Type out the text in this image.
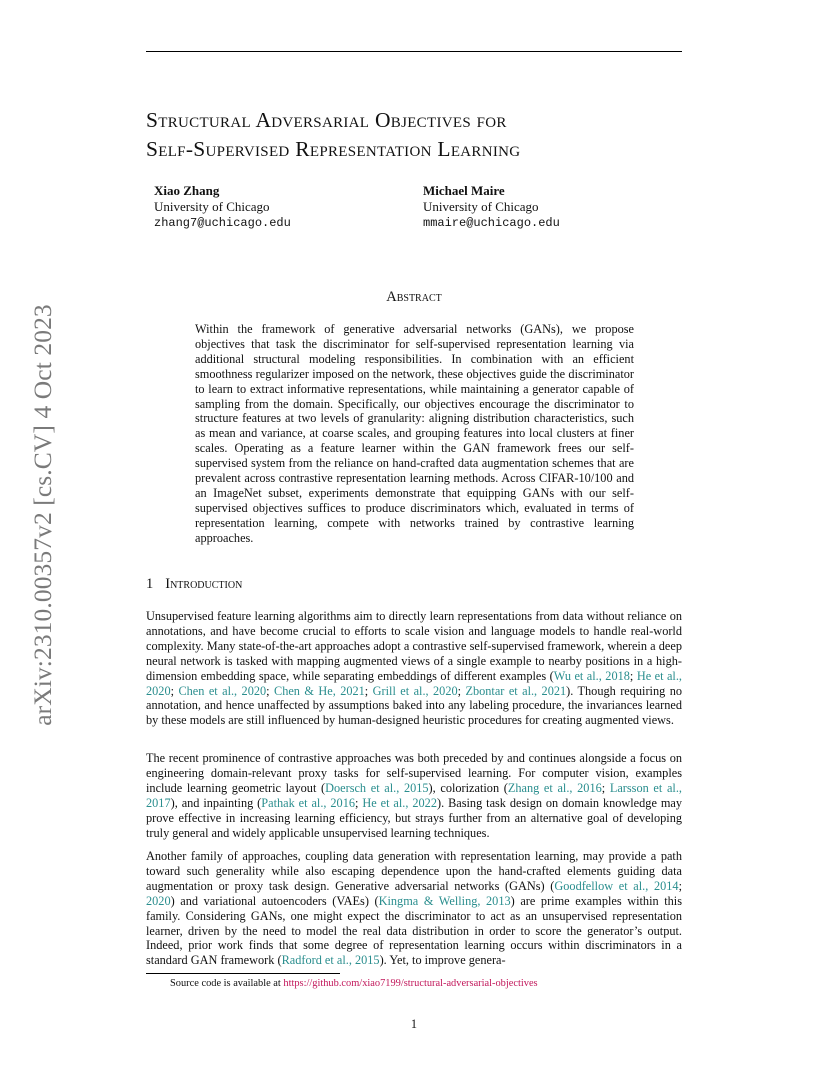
arXiv:2310.00357v2 [cs.CV] 4 Oct 2023
Structural Adversarial Objectives for
Self-Supervised Representation Learning
Xiao Zhang
University of Chicago
zhang7@uchicago.edu
Michael Maire
University of Chicago
mmaire@uchicago.edu
Abstract
Within the framework of generative adversarial networks (GANs), we propose objectives that task the discriminator for self-supervised representation learning via additional structural modeling responsibilities. In combination with an efficient smoothness regularizer imposed on the network, these objectives guide the discriminator to learn to extract informative representations, while maintaining a generator capable of sampling from the domain. Specifically, our objectives encourage the discriminator to structure features at two levels of granularity: aligning distribution characteristics, such as mean and variance, at coarse scales, and grouping features into local clusters at finer scales. Operating as a feature learner within the GAN framework frees our self-supervised system from the reliance on hand-crafted data augmentation schemes that are prevalent across contrastive representation learning methods. Across CIFAR-10/100 and an ImageNet subset, experiments demonstrate that equipping GANs with our self-supervised objectives suffices to produce discriminators which, evaluated in terms of representation learning, compete with networks trained by contrastive learning approaches.
1 Introduction
Unsupervised feature learning algorithms aim to directly learn representations from data without reliance on annotations, and have become crucial to efforts to scale vision and language models to handle real-world complexity. Many state-of-the-art approaches adopt a contrastive self-supervised framework, wherein a deep neural network is tasked with mapping augmented views of a single example to nearby positions in a high-dimension embedding space, while separating embeddings of different examples (Wu et al., 2018; He et al., 2020; Chen et al., 2020; Chen & He, 2021; Grill et al., 2020; Zbontar et al., 2021). Though requiring no annotation, and hence unaffected by assumptions baked into any labeling procedure, the invariances learned by these models are still influenced by human-designed heuristic procedures for creating augmented views.
The recent prominence of contrastive approaches was both preceded by and continues alongside a focus on engineering domain-relevant proxy tasks for self-supervised learning. For computer vision, examples include learning geometric layout (Doersch et al., 2015), colorization (Zhang et al., 2016; Larsson et al., 2017), and inpainting (Pathak et al., 2016; He et al., 2022). Basing task design on domain knowledge may prove effective in increasing learning efficiency, but strays further from an alternative goal of developing truly general and widely applicable unsupervised learning techniques.
Another family of approaches, coupling data generation with representation learning, may provide a path toward such generality while also escaping dependence upon the hand-crafted elements guiding data augmentation or proxy task design. Generative adversarial networks (GANs) (Goodfellow et al., 2014; 2020) and variational autoencoders (VAEs) (Kingma & Welling, 2013) are prime examples within this family. Considering GANs, one might expect the discriminator to act as an unsupervised representation learner, driven by the need to model the real data distribution in order to score the generator’s output. Indeed, prior work finds that some degree of representation learning occurs within discriminators in a standard GAN framework (Radford et al., 2015). Yet, to improve genera-
Source code is available at https://github.com/xiao7199/structural-adversarial-objectives
1
